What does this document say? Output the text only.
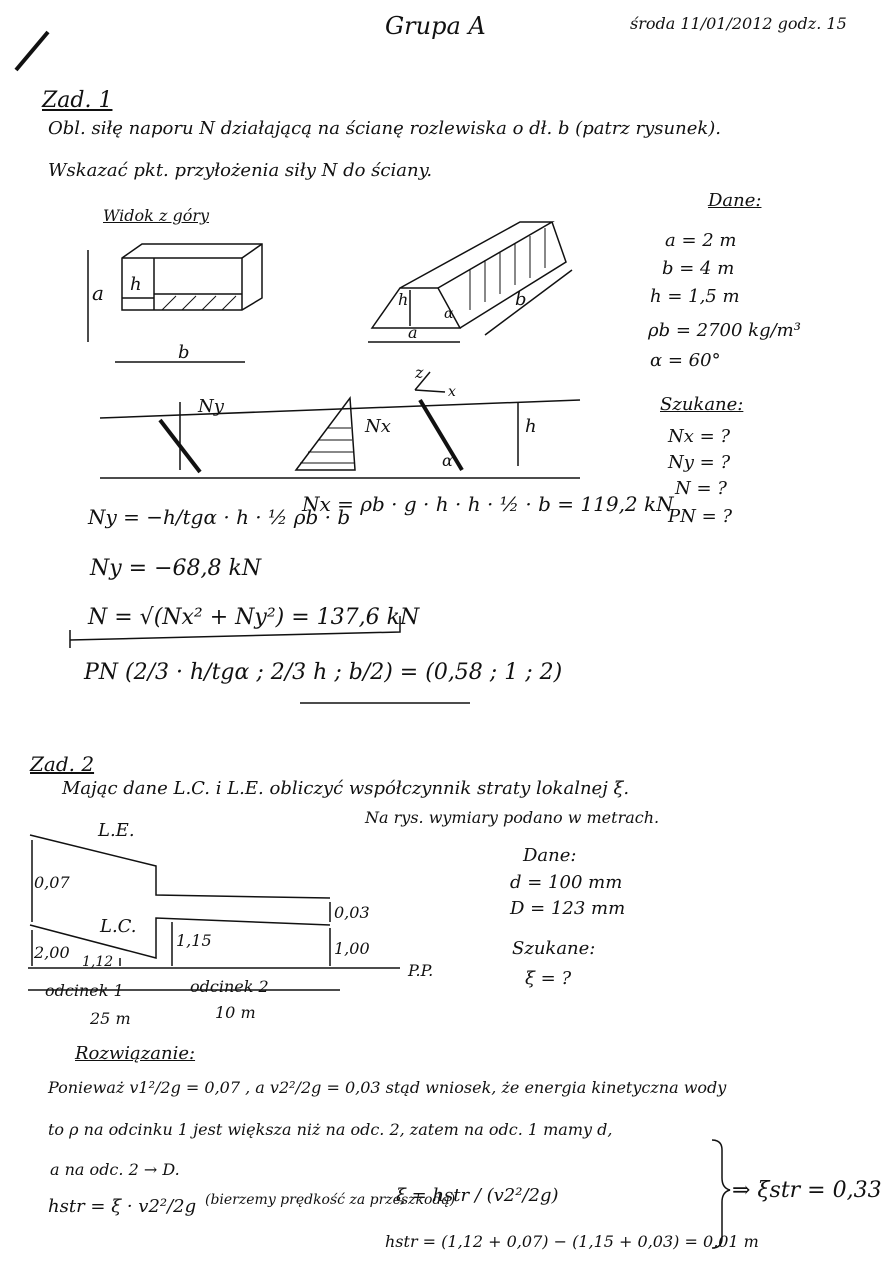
Grupa A	środa 11/01/2012 godz. 15
Zad. 1
Obl. siłę naporu N działającą na ścianę rozlewiska o dł. b (patrz rysunek).
Wskazać pkt. przyłożenia siły N do ściany.
Widok z góry
a h
b
h
a
b
α
Ny
Nx
z
x
h
α
Dane:
a = 2 m
b = 4 m
h = 1,5 m
ρb = 2700 kg/m³
α = 60°
Szukane:
Nx = ?
Ny = ?
N = ?
PN = ?
Ny = −h/tgα · h · ½ ρb · b
Nx = ρb · g · h · h · ½ · b = 119,2 kN
Ny = −68,8 kN
N = √(Nx² + Ny²) = 137,6 kN
PN (2/3 · h/tgα ; 2/3 h ; b/2) = (0,58 ; 1 ; 2)
Zad. 2
Mając dane L.C. i L.E. obliczyć współczynnik straty lokalnej ξ.
Na rys. wymiary podano w metrach.
L.E.
L.C.
P.P.
0,07
0,03
2,00 1,12
1,15	1,00
odcinek 1	odcinek 2
25 m	10 m
Dane:
d = 100 mm
D = 123 mm
Szukane:
ξ = ?
Rozwiązanie:
Ponieważ v1²/2g = 0,07 , a v2²/2g = 0,03 stąd wniosek, że energia kinetyczna wody
to ρ na odcinku 1 jest większa niż na odc. 2, zatem na odc. 1 mamy d,
a na odc. 2 → D.
hstr = ξ · v2²/2g (bierzemy prędkość za przeszkodą)
ξ = hstr / (v2²/2g)
hstr = (1,12 + 0,07) − (1,15 + 0,03) = 0,01 m
⇒ ξstr = 0,33
